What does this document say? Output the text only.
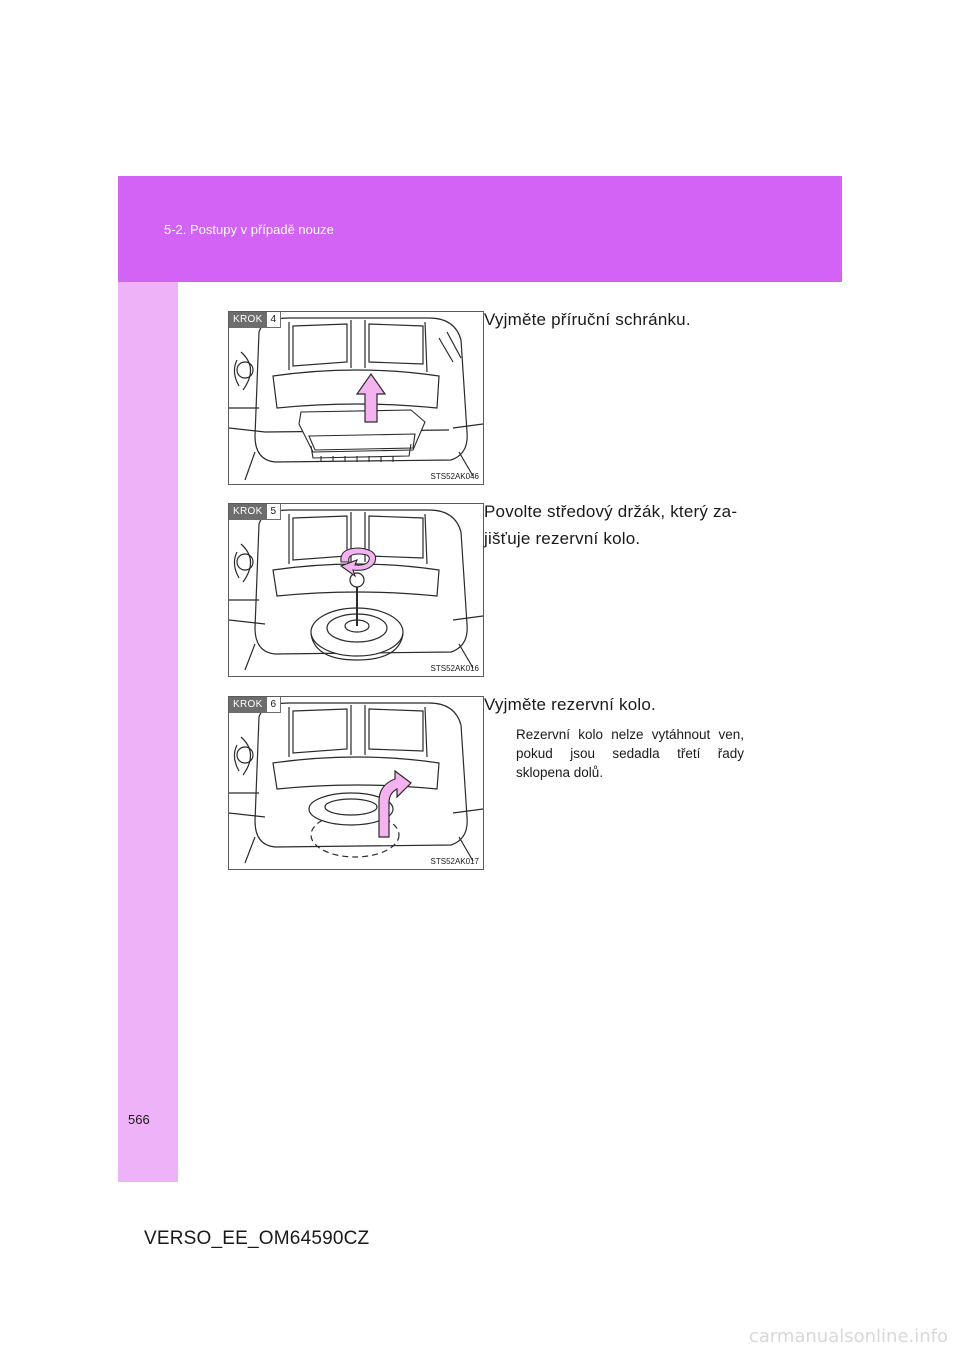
5-2. Postupy v případě nouze
KROK 4
STS52AK046
Vyjměte příruční schránku.
KROK 5
STS52AK016
Povolte středový držák, který za-
jišťuje rezervní kolo.
KROK 6
STS52AK017
Vyjměte rezervní kolo.
Rezervní kolo nelze vytáhnout ven, pokud jsou sedadla třetí řady sklopena dolů.
566
VERSO_EE_OM64590CZ
carmanualsonline.info
